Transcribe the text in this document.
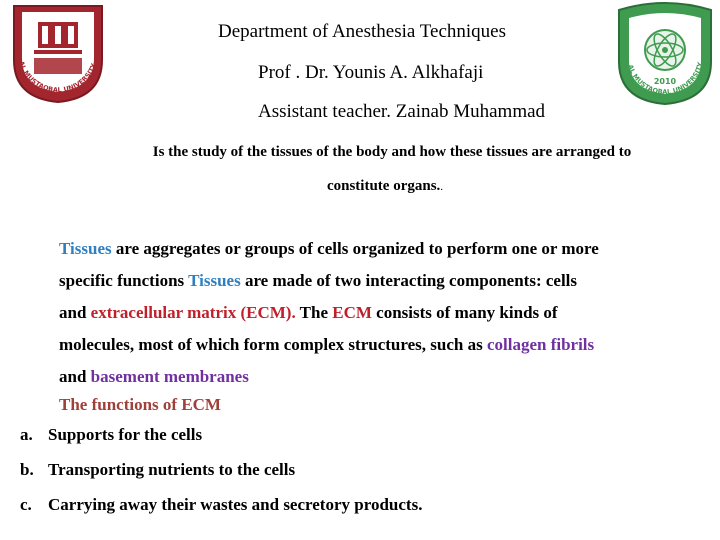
AL MUSTAQBAL UNIVERSITY
2010
AL MUSTAQBAL UNIVERSITY
Department of Anesthesia Techniques
Prof . Dr. Younis A. Alkhafaji
Assistant teacher. Zainab Muhammad
Is the study of the tissues of the body and how these tissues are arranged to
constitute organs..
Tissues are aggregates or groups of cells organized to perform one or more
specific functions Tissues are made of two interacting components: cells
and extracellular matrix (ECM). The ECM consists of many kinds of
molecules, most of which form complex structures, such as collagen fibrils
and basement membranes
The functions of ECM
a. Supports for the cells
b. Transporting nutrients to the cells
c. Carrying away their wastes and secretory products.
